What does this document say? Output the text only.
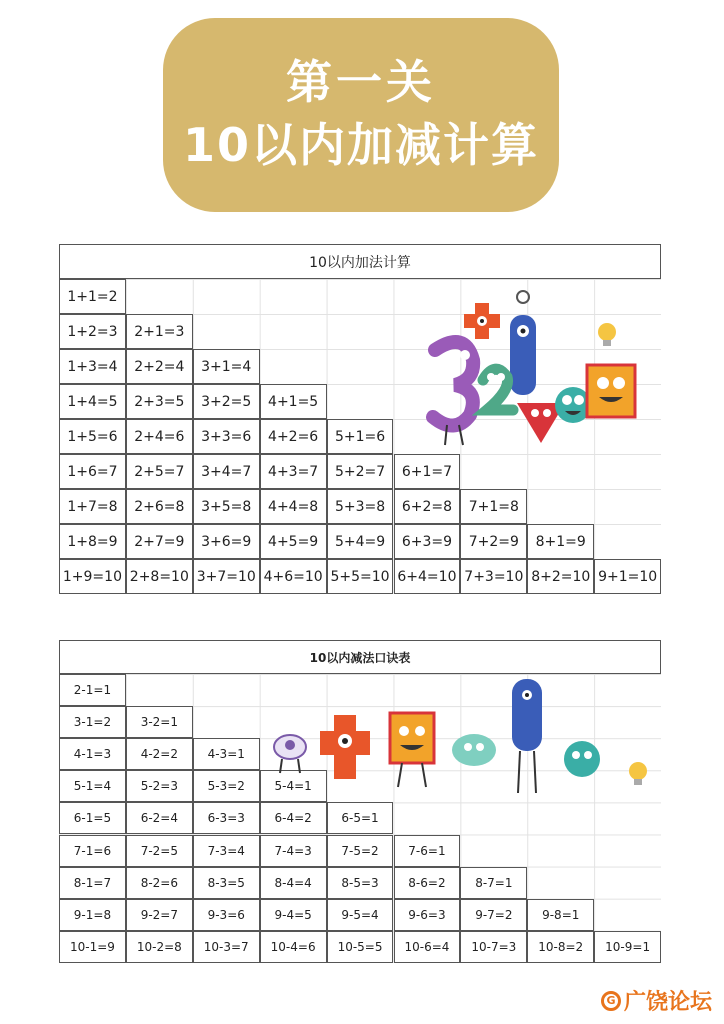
第一关
10以内加减计算
10以内加法计算
1+1=2
1+2=3	2+1=3
1+3=4	2+2=4	3+1=4
1+4=5	2+3=5	3+2=5	4+1=5
1+5=6	2+4=6	3+3=6	4+2=6	5+1=6
1+6=7	2+5=7	3+4=7	4+3=7	5+2=7	6+1=7
1+7=8	2+6=8	3+5=8	4+4=8	5+3=8	6+2=8	7+1=8
1+8=9	2+7=9	3+6=9	4+5=9	5+4=9	6+3=9	7+2=9	8+1=9
1+9=10 2+8=10 3+7=10 4+6=10 5+5=10 6+4=10 7+3=10 8+2=10 9+1=10
10以内减法口诀表
2-1=1
3-1=2	3-2=1
4-1=3	4-2=2	4-3=1
5-1=4	5-2=3	5-3=2	5-4=1
6-1=5	6-2=4	6-3=3	6-4=2	6-5=1
7-1=6	7-2=5	7-3=4	7-4=3	7-5=2	7-6=1
8-1=7	8-2=6	8-3=5	8-4=4	8-5=3	8-6=2	8-7=1
9-1=8	9-2=7	9-3=6	9-4=5	9-5=4	9-6=3	9-7=2	9-8=1
10-1=9	10-2=8	10-3=7	10-4=6	10-5=5	10-6=4	10-7=3	10-8=2	10-9=1
G 广饶论坛
